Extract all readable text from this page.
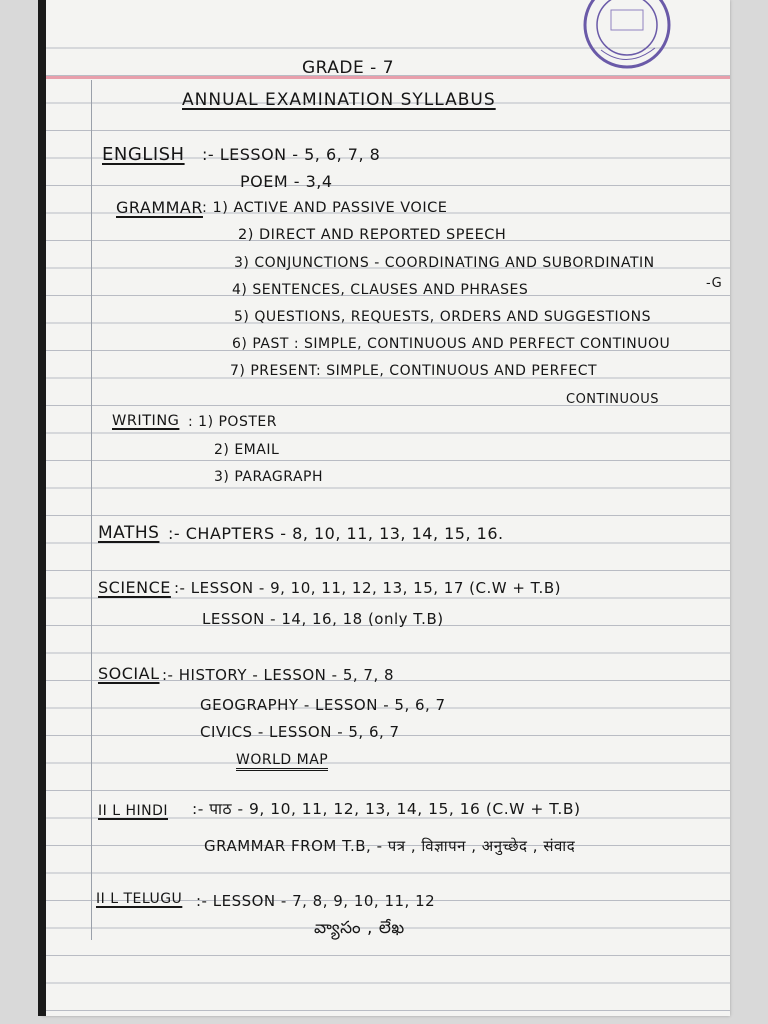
GRADE - 7
ANNUAL EXAMINATION SYLLABUS
ENGLISH :- LESSON - 5, 6, 7, 8
POEM - 3,4
GRAMMAR : 1) ACTIVE AND PASSIVE VOICE
2) DIRECT AND REPORTED SPEECH
3) CONJUNCTIONS - COORDINATING AND SUBORDINATIN
-G
4) SENTENCES, CLAUSES AND PHRASES
5) QUESTIONS, REQUESTS, ORDERS AND SUGGESTIONS
6) PAST : SIMPLE, CONTINUOUS AND PERFECT CONTINUOU
7) PRESENT: SIMPLE, CONTINUOUS AND PERFECT
CONTINUOUS
WRITING : 1) POSTER
2) EMAIL
3) PARAGRAPH
MATHS :- CHAPTERS - 8, 10, 11, 13, 14, 15, 16.
SCIENCE :- LESSON - 9, 10, 11, 12, 13, 15, 17 (C.W + T.B)
LESSON - 14, 16, 18 (only T.B)
SOCIAL :- HISTORY - LESSON - 5, 7, 8
GEOGRAPHY - LESSON - 5, 6, 7
CIVICS - LESSON - 5, 6, 7
WORLD MAP
II L HINDI :- पाठ - 9, 10, 11, 12, 13, 14, 15, 16 (C.W + T.B)
GRAMMAR FROM T.B, - पत्र , विज्ञापन , अनुच्छेद , संवाद
II L TELUGU :- LESSON - 7, 8, 9, 10, 11, 12
వ్యాసం , లేఖ
